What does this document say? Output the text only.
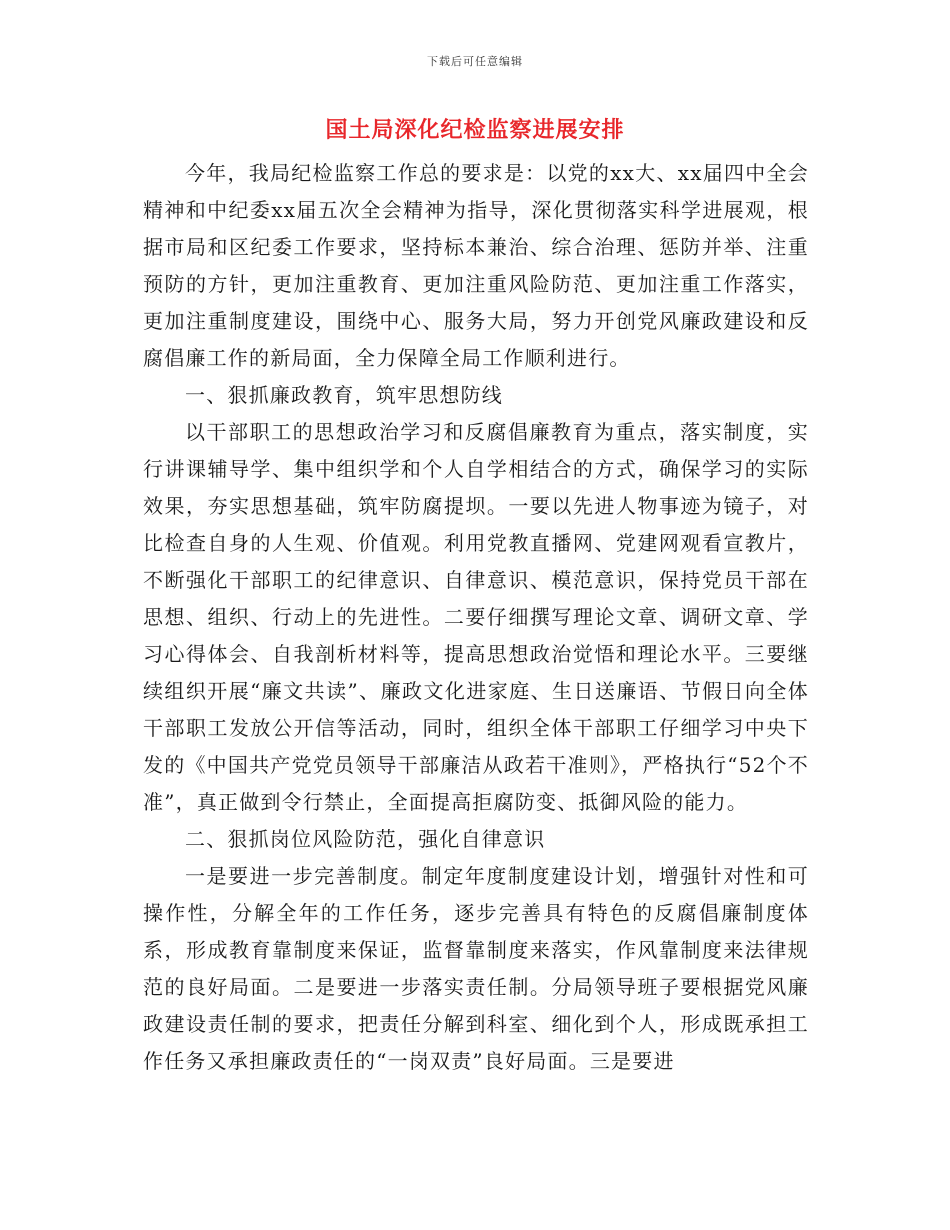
下载后可任意编辑
国土局深化纪检监察进展安排

今年，我局纪检监察工作总的要求是：以党的xx大、xx届四中全会精神和中纪委xx届五次全会精神为指导，深化贯彻落实科学进展观，根据市局和区纪委工作要求，坚持标本兼治、综合治理、惩防并举、注重预防的方针，更加注重教育、更加注重风险防范、更加注重工作落实，更加注重制度建设，围绕中心、服务大局，努力开创党风廉政建设和反腐倡廉工作的新局面，全力保障全局工作顺利进行。

一、狠抓廉政教育，筑牢思想防线

以干部职工的思想政治学习和反腐倡廉教育为重点，落实制度，实行讲课辅导学、集中组织学和个人自学相结合的方式，确保学习的实际效果，夯实思想基础，筑牢防腐提坝。一要以先进人物事迹为镜子，对比检查自身的人生观、价值观。利用党教直播网、党建网观看宣教片，不断强化干部职工的纪律意识、自律意识、模范意识，保持党员干部在思想、组织、行动上的先进性。二要仔细撰写理论文章、调研文章、学习心得体会、自我剖析材料等，提高思想政治觉悟和理论水平。三要继续组织开展“廉文共读”、廉政文化进家庭、生日送廉语、节假日向全体干部职工发放公开信等活动，同时，组织全体干部职工仔细学习中央下发的《中国共产党党员领导干部廉洁从政若干准则》，严格执行“52个不准”，真正做到令行禁止，全面提高拒腐防变、抵御风险的能力。

二、狠抓岗位风险防范，强化自律意识

一是要进一步完善制度。制定年度制度建设计划，增强针对性和可操作性，分解全年的工作任务，逐步完善具有特色的反腐倡廉制度体系，形成教育靠制度来保证，监督靠制度来落实，作风靠制度来法律规范的良好局面。二是要进一步落实责任制。分局领导班子要根据党风廉政建设责任制的要求，把责任分解到科室、细化到个人，形成既承担工作任务又承担廉政责任的“一岗双责”良好局面。三是要进
